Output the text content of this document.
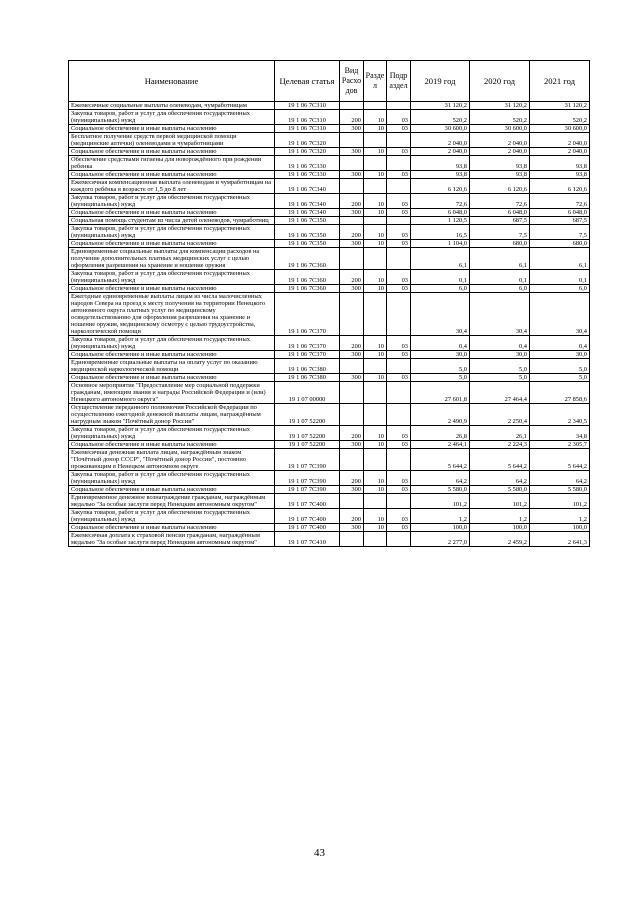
Наименование	Целевая статья	Вид Расхо дов	Разде л	Подр аздел	2019 год	2020 год	2021 год
Ежемесячные социальные выплаты оленеводам, чумработницам	19 1 06 7C310				31 120,2	31 120,2	31 120,2
Закупка товаров, работ и услуг для обеспечения государственных (муниципальных) нужд	19 1 06 7C310	200	10	03	520,2	520,2	520,2
Социальное обеспечение и иные выплаты населению	19 1 06 7C310	300	10	03	30 600,0	30 600,0	30 600,0
Бесплатное получение средств первой медицинской помощи (медицинские аптечки) оленеводами и чумработницами	19 1 06 7C320				2 040,0	2 040,0	2 040,0
Социальное обеспечение и иные выплаты населению	19 1 06 7C320	300	10	03	2 040,0	2 040,0	2 040,0
Обеспечение средствами гигиены для новорождённого при рождении ребенка	19 1 06 7C330				93,8	93,8	93,8
Социальное обеспечение и иные выплаты населению	19 1 06 7C330	300	10	03	93,8	93,8	93,8
Ежемесячная компенсационная выплата оленеводам и чумработницам на каждого ребёнка в возрасте от 1,5 до 8 лет	19 1 06 7C340				6 120,6	6 120,6	6 120,6
Закупка товаров, работ и услуг для обеспечения государственных (муниципальных) нужд	19 1 06 7C340	200	10	03	72,6	72,6	72,6
Социальное обеспечение и иные выплаты населению	19 1 06 7C340	300	10	03	6 048,0	6 048,0	6 048,0
Социальная помощь студентам из числа детей оленеводов, чумработниц	19 1 06 7C350				1 120,5	687,5	687,5
Закупка товаров, работ и услуг для обеспечения государственных (муниципальных) нужд	19 1 06 7C350	200	10	03	16,5	7,5	7,5
Социальное обеспечение и иные выплаты населению	19 1 06 7C350	300	10	03	1 104,0	680,0	680,0
Единовременные социальные выплаты для компенсации расходов на получение дополнительных платных медицинских услуг с целью оформления разрешения на хранение и ношение оружия	19 1 06 7C360				6,1	6,1	6,1
Закупка товаров, работ и услуг для обеспечения государственных (муниципальных) нужд	19 1 06 7C360	200	10	03	0,1	0,1	0,1
Социальное обеспечение и иные выплаты населению	19 1 06 7C360	300	10	03	6,0	6,0	6,0
Ежегодные единовременные выплаты лицам из числа малочисленных народов Севера на проезд к месту получения на территории Ненецкого автономного округа платных услуг по медицинскому освидетельствованию для оформления разрешения на хранение и ношение оружия, медицинскому осмотру с целью трудоустройства, наркологической помощи	19 1 06 7C370				30,4	30,4	30,4
Закупка товаров, работ и услуг для обеспечения государственных (муниципальных) нужд	19 1 06 7C370	200	10	03	0,4	0,4	0,4
Социальное обеспечение и иные выплаты населению	19 1 06 7C370	300	10	03	30,0	30,0	30,0
Единовременные социальные выплаты на оплату услуг по оказанию медицинской наркологической помощи	19 1 06 7C380				5,0	5,0	5,0
Социальное обеспечение и иные выплаты населению	19 1 06 7C380	300	10	03	5,0	5,0	5,0
Основное мероприятие "Предоставление мер социальной поддержки гражданам, имеющим звания и награды Российской Федерации и (или) Ненецкого автономного округа"	19 1 07 00000				27 601,8	27 464,4	27 858,6
Осуществление переданного полномочия Российской Федерации по осуществлению ежегодной денежной выплаты лицам, награждённым нагрудным знаком "Почётный донор России"	19 1 07 52200				2 490,9	2 250,4	2 340,5
Закупка товаров, работ и услуг для обеспечения государственных (муниципальных) нужд	19 1 07 52200	200	10	03	26,8	26,1	34,8
Социальное обеспечение и иные выплаты населению	19 1 07 52200	300	10	03	2 464,1	2 224,3	2 305,7
Ежемесячная денежная выплата лицам, награждённым знаком "Почётный донор СССР", "Почётный донор России", постоянно проживающим в Ненецком автономном округе	19 1 07 7C390				5 644,2	5 644,2	5 644,2
Закупка товаров, работ и услуг для обеспечения государственных (муниципальных) нужд	19 1 07 7C390	200	10	03	64,2	64,2	64,2
Социальное обеспечение и иные выплаты населению	19 1 07 7C390	300	10	03	5 580,0	5 580,0	5 580,0
Единовременное денежное вознаграждение гражданам, награждённым медалью "За особые заслуги перед Ненецким автономным округом"	19 1 07 7C400				101,2	101,2	101,2
Закупка товаров, работ и услуг для обеспечения государственных (муниципальных) нужд	19 1 07 7C400	200	10	03	1,2	1,2	1,2
Социальное обеспечение и иные выплаты населению	19 1 07 7C400	300	10	03	100,0	100,0	100,0
Ежемесячная доплата к страховой пенсии гражданам, награждённым медалью "За особые заслуги перед Ненецким автономным округом"	19 1 07 7C410				2 277,0	2 459,2	2 641,3
43
